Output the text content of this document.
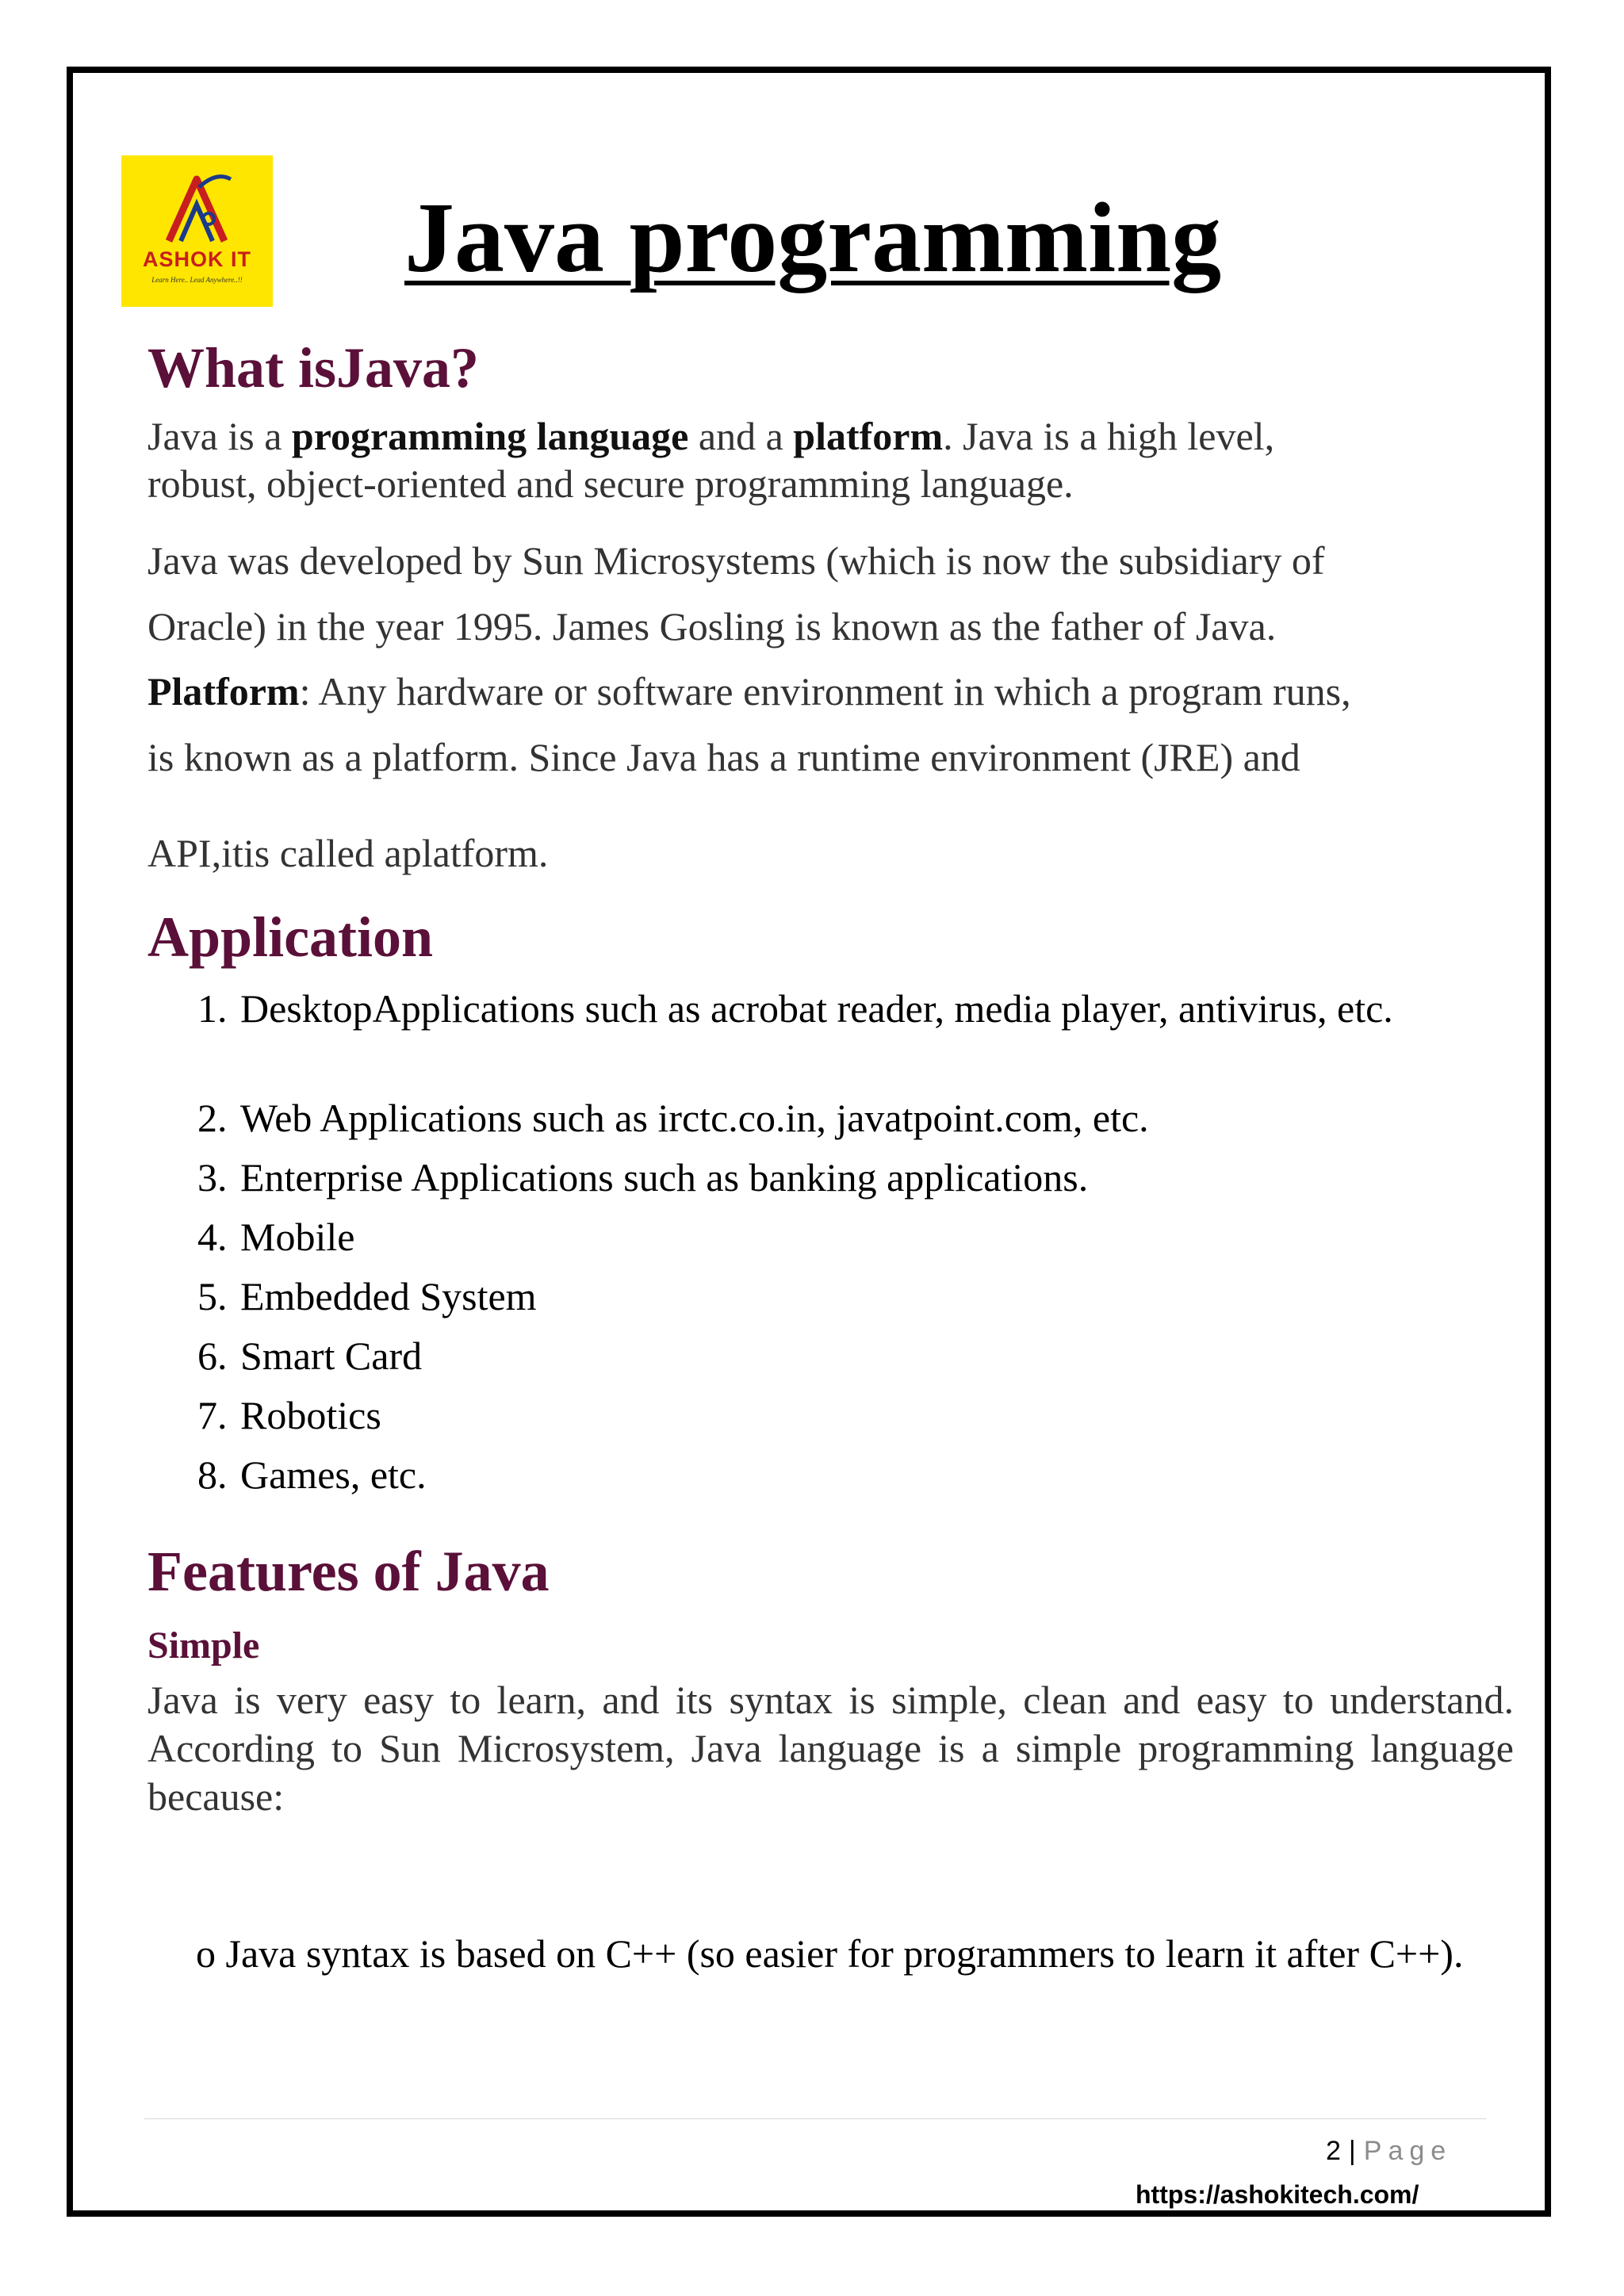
ASHOK IT
Learn Here.. Lead Anywhere..!!	Java programming
What isJava?

Java is a programming language and a platform. Java is a high level,

robust, object-oriented and secure programming language.

Java was developed by Sun Microsystems (which is now the subsidiary of

Oracle) in the year 1995. James Gosling is known as the father of Java.

Platform: Any hardware or software environment in which a program runs,

is known as a platform. Since Java has a runtime environment (JRE) and

API,itis called aplatform.

Application
1. DesktopApplications such as acrobat reader, media player, antivirus, etc.
2. Web Applications such as irctc.co.in, javatpoint.com, etc.
3. Enterprise Applications such as banking applications.
4. Mobile
5. Embedded System
6. Smart Card
7. Robotics
8. Games, etc.
Features of Java
Simple

Java is very easy to learn, and its syntax is simple, clean and easy to understand. According to Sun Microsystem, Java language is a simple programming language because:

o Java syntax is based on C++ (so easier for programmers to learn it after C++).

2 | Page
https://ashokitech.com/
